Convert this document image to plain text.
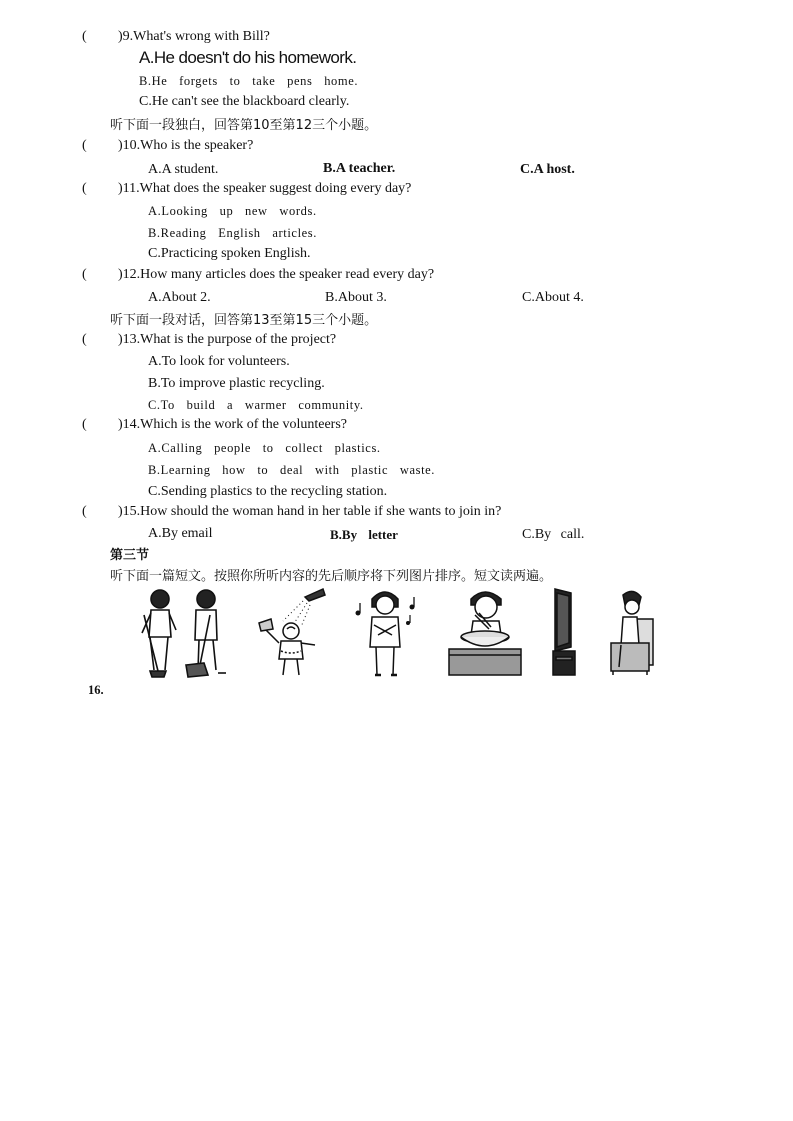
( )9.What's wrong with Bill?
A.He doesn't do his homework.
B.He forgets to take pens home.
C.He can't see the blackboard clearly.
听下面一段独白，回答第10至第12三个小题。
( )10.Who is the speaker?
A.A student.	B.A teacher.	C.A host.
( )11.What does the speaker suggest doing every day?
A.Looking up new words.
B.Reading English articles.
C.Practicing spoken English.
( )12.How many articles does the speaker read every day?
A.About 2.	B.About 3.	C.About 4.
听下面一段对话，回答第13至第15三个小题。
( )13.What is the purpose of the project?
A.To look for volunteers.
B.To improve plastic recycling.
C.To build a warmer community.
( )14.Which is the work of the volunteers?
A.Calling people to collect plastics.
B.Learning how to deal with plastic waste.
C.Sending plastics to the recycling station.
( )15.How should the woman hand in her table if she wants to join in?
A.By email	B.By letter	C.By call.
第三节
听下面一篇短文。按照你所听内容的先后顺序将下列图片排序。短文读两遍。
16.
